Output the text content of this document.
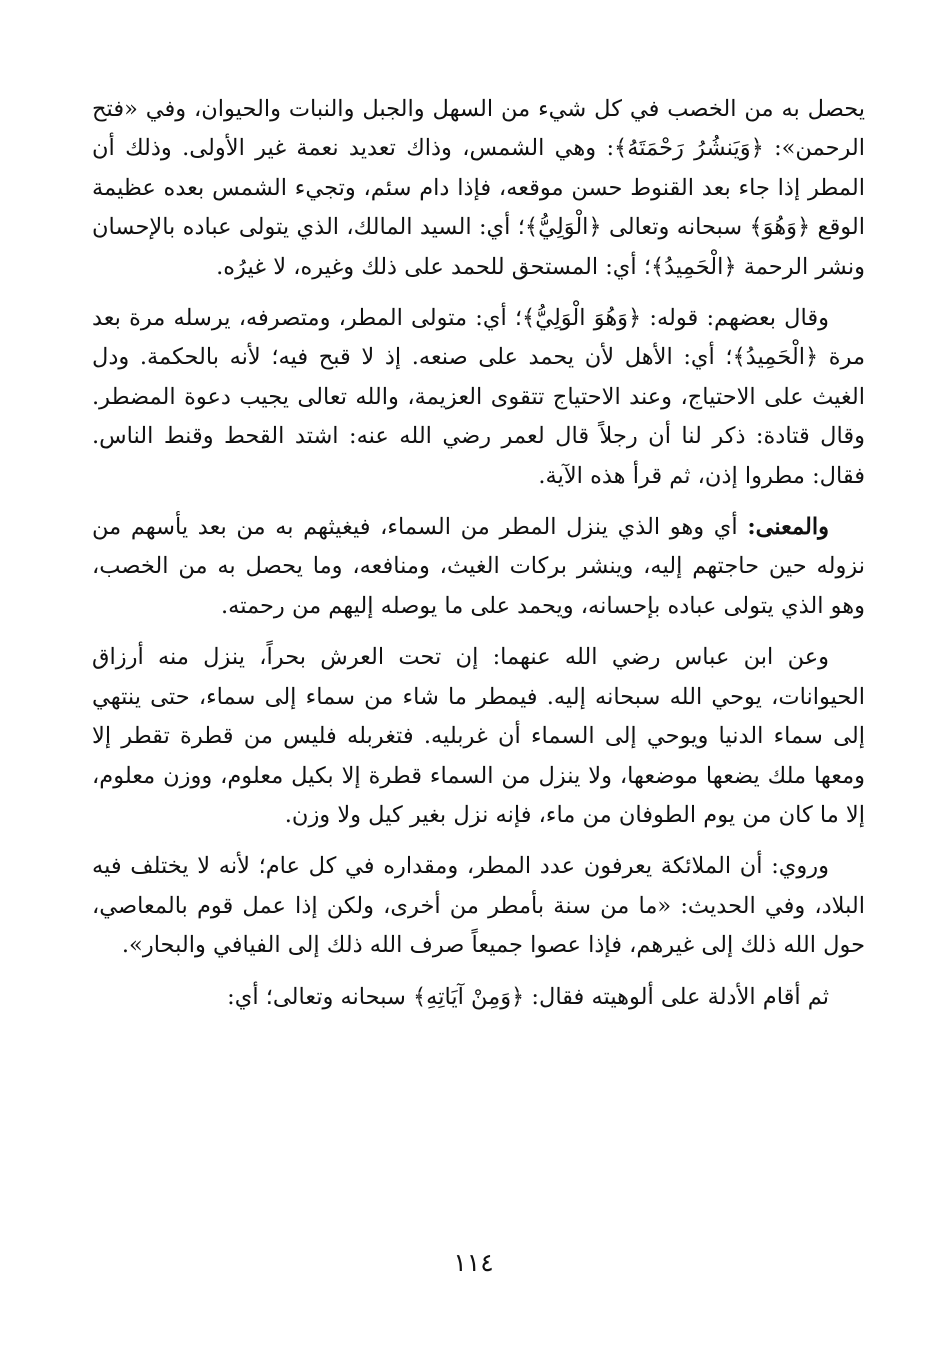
يحصل به من الخصب في كل شيء من السهل والجبل والنبات والحيوان، وفي «فتح الرحمن»: ﴿وَيَنشُرُ رَحْمَتَهُ﴾: وهي الشمس، وذاك تعديد نعمة غير الأولى. وذلك أن المطر إذا جاء بعد القنوط حسن موقعه، فإذا دام سئم، وتجيء الشمس بعده عظيمة الوقع ﴿وَهُوَ﴾ سبحانه وتعالى ﴿الْوَلِيُّ﴾؛ أي: السيد المالك، الذي يتولى عباده بالإحسان ونشر الرحمة ﴿الْحَمِيدُ﴾؛ أي: المستحق للحمد على ذلك وغيره، لا غيرُه.

وقال بعضهم: قوله: ﴿وَهُوَ الْوَلِيُّ﴾؛ أي: متولى المطر، ومتصرفه، يرسله مرة بعد مرة ﴿الْحَمِيدُ﴾؛ أي: الأهل لأن يحمد على صنعه. إذ لا قبح فيه؛ لأنه بالحكمة. ودل الغيث على الاحتياج، وعند الاحتياج تتقوى العزيمة، والله تعالى يجيب دعوة المضطر. وقال قتادة: ذكر لنا أن رجلاً قال لعمر رضي الله عنه: اشتد القحط وقنط الناس. فقال: مطروا إذن، ثم قرأ هذه الآية.

والمعنى: أي وهو الذي ينزل المطر من السماء، فيغيثهم به من بعد يأسهم من نزوله حين حاجتهم إليه، وينشر بركات الغيث، ومنافعه، وما يحصل به من الخصب، وهو الذي يتولى عباده بإحسانه، ويحمد على ما يوصله إليهم من رحمته.

وعن ابن عباس رضي الله عنهما: إن تحت العرش بحراً، ينزل منه أرزاق الحيوانات، يوحي الله سبحانه إليه. فيمطر ما شاء من سماء إلى سماء، حتى ينتهي إلى سماء الدنيا ويوحي إلى السماء أن غربليه. فتغربله فليس من قطرة تقطر إلا ومعها ملك يضعها موضعها، ولا ينزل من السماء قطرة إلا بكيل معلوم، ووزن معلوم، إلا ما كان من يوم الطوفان من ماء، فإنه نزل بغير كيل ولا وزن.

وروي: أن الملائكة يعرفون عدد المطر، ومقداره في كل عام؛ لأنه لا يختلف فيه البلاد، وفي الحديث: «ما من سنة بأمطر من أخرى، ولكن إذا عمل قوم بالمعاصي، حول الله ذلك إلى غيرهم، فإذا عصوا جميعاً صرف الله ذلك إلى الفيافي والبحار».

ثم أقام الأدلة على ألوهيته فقال: ﴿وَمِنْ آيَاتِهِ﴾ سبحانه وتعالى؛ أي:

١١٤
